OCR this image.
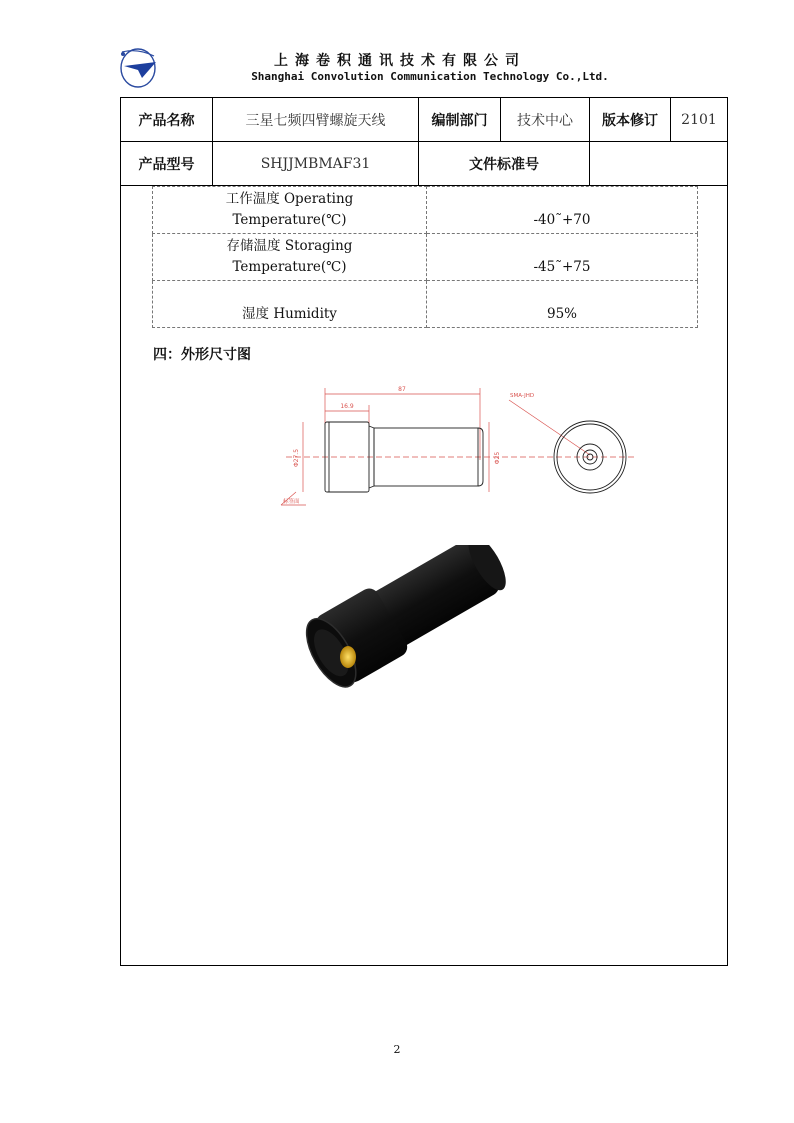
上海卷积通讯技术有限公司
Shanghai Convolution Communication Technology Co.,Ltd.
产品名称	三星七频四臂螺旋天线	编制部门	技术中心	版本修订	2101
产品型号	SHJJMBMAF31	文件标准号			
工作温度 Operating
Temperature(℃)	-40˜+70

存储温度 Storaging
Temperature(℃)	-45˜+75

湿度 Humidity	95%
四：外形尺寸图
87
16.9
Φ27.5	Φ25
SMA-JHD
标签面
2
